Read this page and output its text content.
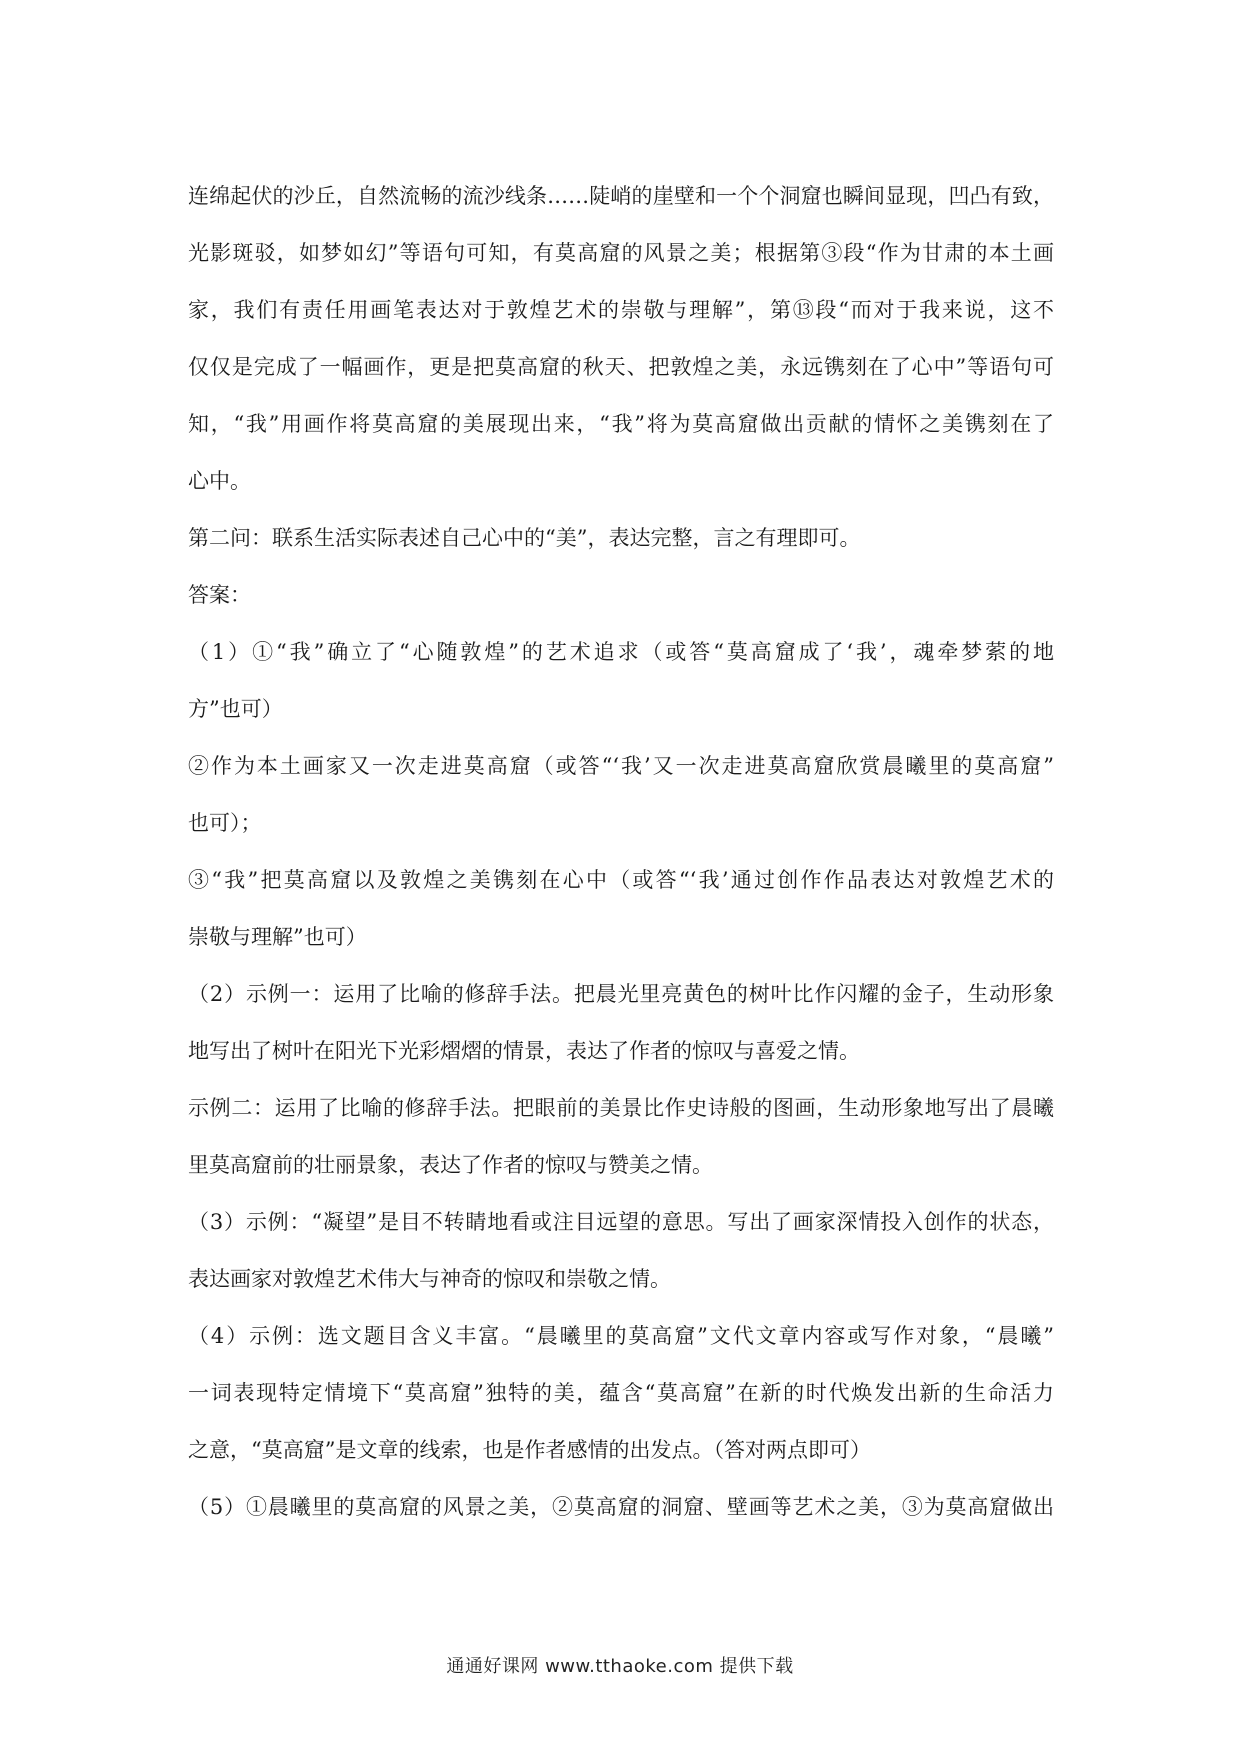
连绵起伏的沙丘，自然流畅的流沙线条……陡峭的崖壁和一个个洞窟也瞬间显现，凹凸有致，
光影斑驳，如梦如幻”等语句可知，有莫高窟的风景之美；根据第③段“作为甘肃的本土画
家，我们有责任用画笔表达对于敦煌艺术的崇敬与理解”，第⑬段“而对于我来说，这不
仅仅是完成了一幅画作，更是把莫高窟的秋天、把敦煌之美，永远镌刻在了心中”等语句可
知，“我”用画作将莫高窟的美展现出来，“我”将为莫高窟做出贡献的情怀之美镌刻在了
心中。
第二问：联系生活实际表述自己心中的“美”，表达完整，言之有理即可。
答案：
（1）①“我”确立了“心随敦煌”的艺术追求（或答“莫高窟成了‘我’，魂牵梦萦的地
方”也可）
②作为本土画家又一次走进莫高窟（或答“‘我’又一次走进莫高窟欣赏晨曦里的莫高窟”
也可）；
③“我”把莫高窟以及敦煌之美镌刻在心中（或答“‘我’通过创作作品表达对敦煌艺术的
崇敬与理解”也可）
（2）示例一：运用了比喻的修辞手法。把晨光里亮黄色的树叶比作闪耀的金子，生动形象
地写出了树叶在阳光下光彩熠熠的情景，表达了作者的惊叹与喜爱之情。
示例二：运用了比喻的修辞手法。把眼前的美景比作史诗般的图画，生动形象地写出了晨曦
里莫高窟前的壮丽景象，表达了作者的惊叹与赞美之情。
（3）示例：“凝望”是目不转睛地看或注目远望的意思。写出了画家深情投入创作的状态，
表达画家对敦煌艺术伟大与神奇的惊叹和崇敬之情。
（4）示例：选文题目含义丰富。“晨曦里的莫高窟”文代文章内容或写作对象，“晨曦”
一词表现特定情境下“莫高窟”独特的美，蕴含“莫高窟”在新的时代焕发出新的生命活力
之意，“莫高窟”是文章的线索，也是作者感情的出发点。（答对两点即可）
（5）①晨曦里的莫高窟的风景之美，②莫高窟的洞窟、壁画等艺术之美，③为莫高窟做出
通通好课网 www.tthaoke.com 提供下载
